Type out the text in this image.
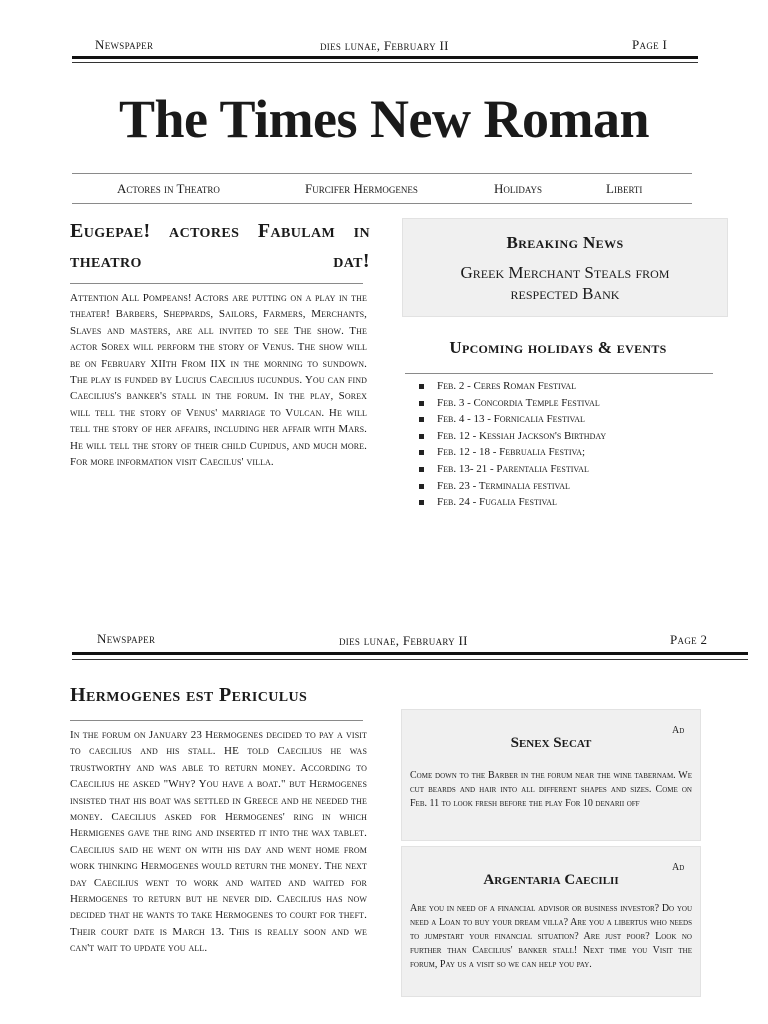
Newspaper	dies lunae, February II	Page I
The Times New Roman
Actores in Theatro	Furcifer Hermogenes	Holidays	Liberti
Eugepae! actores Fabulam in theatro dat!
Attention All Pompeans! Actors are putting on a play in the theater! Barbers, Sheppards, Sailors, Farmers, Merchants, Slaves and masters, are all invited to see The show. The actor Sorex will perform the story of Venus. The show will be on February XIIth From IIX in the morning to sundown. The play is funded by Lucius Caecilius iucundus. You can find Caecilius's banker's stall in the forum. In the play, Sorex will tell the story of Venus' marriage to Vulcan. He will tell the story of her affairs, including her affair with Mars. He will tell the story of their child Cupidus, and much more. For more information visit Caecilus' villa.
Breaking News
Greek Merchant Steals from respected Bank
Upcoming holidays & events
Feb. 2 - Ceres Roman Festival
Feb. 3 - Concordia Temple Festival
Feb. 4 - 13 - Fornicalia Festival
Feb. 12 - Kessiah Jackson's Birthday
Feb. 12 - 18 - Februalia Festiva;
Feb. 13- 21 - Parentalia Festival
Feb. 23 - Terminalia festival
Feb. 24 - Fugalia Festival
Newspaper	dies lunae, February II	Page 2
Hermogenes est Periculus
In the forum on January 23 Hermogenes decided to pay a visit to caecilius and his stall. HE told Caecilius he was trustworthy and was able to return money. According to Caecilius he asked "Why? You have a boat." but Hermogenes insisted that his boat was settled in Greece and he needed the money. Caecilius asked for Hermogenes' ring in which Hermigenes gave the ring and inserted it into the wax tablet. Caecilius said he went on with his day and went home from work thinking Hermogenes would return the money. The next day Caecilius went to work and waited and waited for Hermogenes to return but he never did. Caecilius has now decided that he wants to take Hermogenes to court for theft. Their court date is March 13. This is really soon and we can't wait to update you all.
Ad
Senex Secat
Come down to the Barber in the forum near the wine tabernam. We cut beards and hair into all different shapes and sizes. Come on Feb. 11 to look fresh before the play For 10 denarii off
Ad
Argentaria Caecilii
Are you in need of a financial advisor or business investor? Do you need a Loan to buy your dream villa? Are you a libertus who needs to jumpstart your financial situation? Are just poor? Look no further than Caecilius' banker stall! Next time you Visit the forum, Pay us a visit so we can help you pay.
